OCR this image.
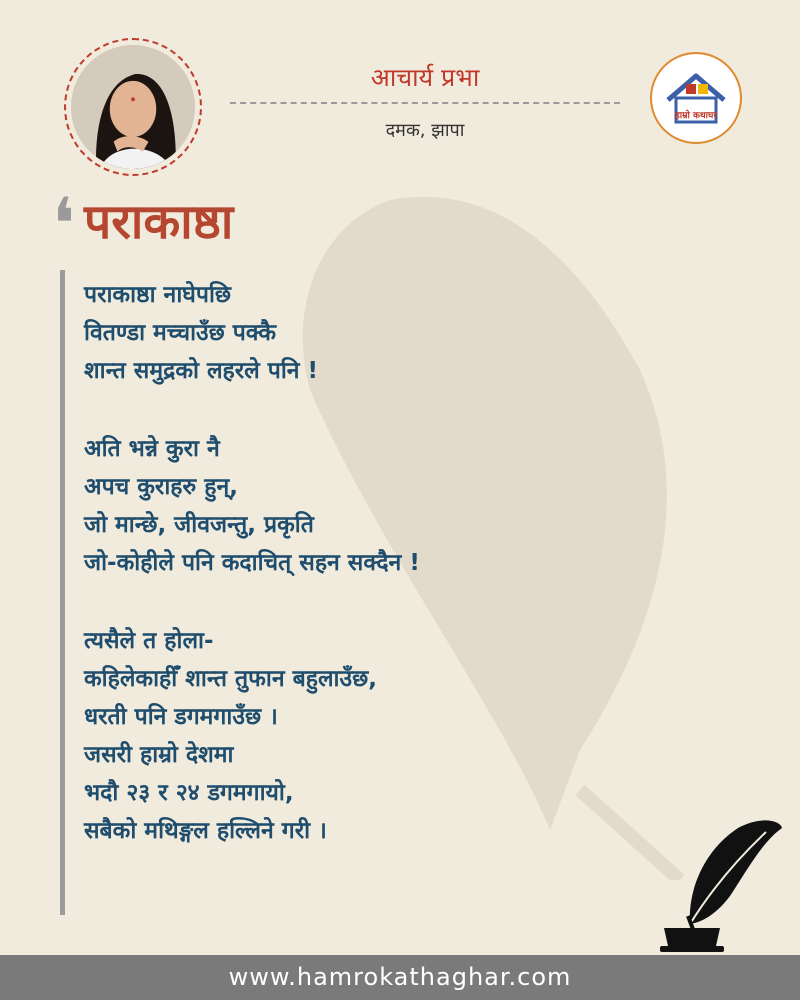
आचार्य प्रभा
दमक, झापा
हाम्रो कथाघर
❛ पराकाष्ठा
पराकाष्ठा नाघेपछि
वितण्डा मच्चाउँछ पक्कै
शान्त समुद्रको लहरले पनि !
अति भन्ने कुरा नै
अपच कुराहरु हुन्,
जो मान्छे, जीवजन्तु, प्रकृति
जो-कोहीले पनि कदाचित् सहन सक्दैन !
त्यसैले त होला-
कहिलेकाहीँ शान्त तुफान बहुलाउँछ,
धरती पनि डगमगाउँछ ।
जसरी हाम्रो देशमा
भदौ २३ र २४ डगमगायो,
सबैको मथिङ्गल हल्लिने गरी ।
www.hamrokathaghar.com
